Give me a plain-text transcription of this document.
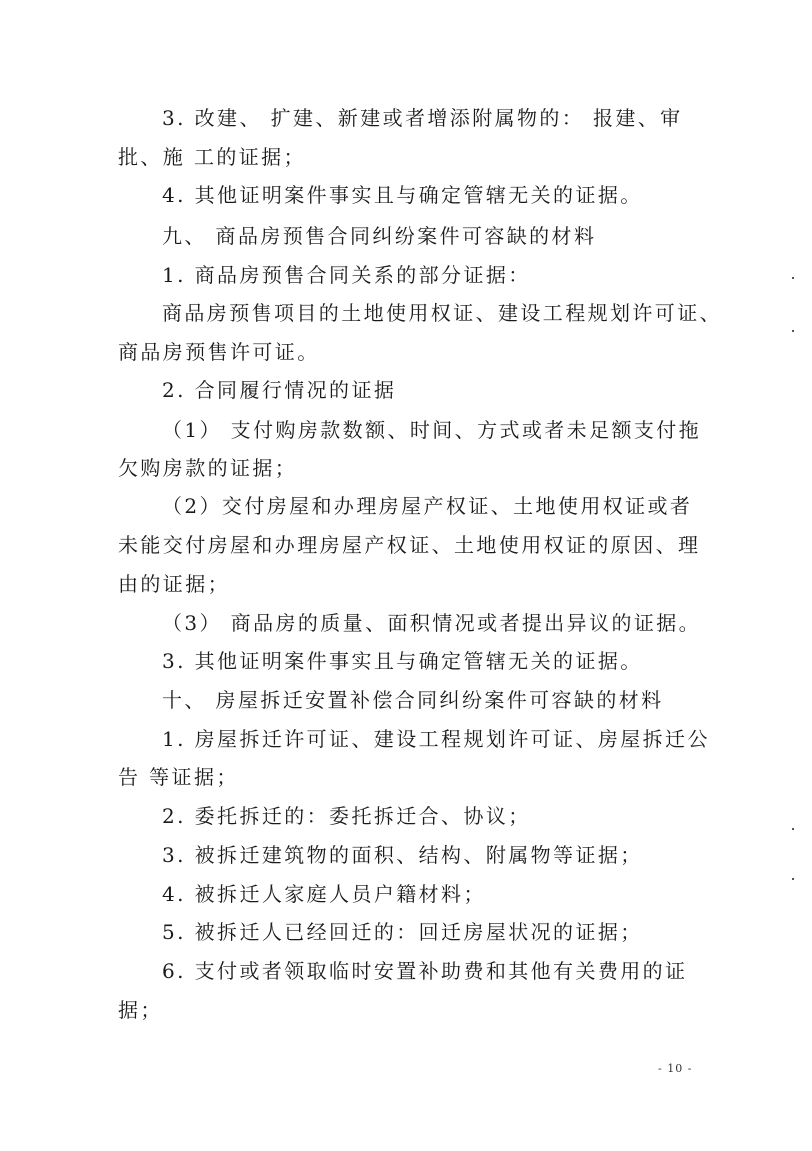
3. 改建、 扩建、新建或者增添附属物的： 报建、审
批、施 工的证据；
4. 其他证明案件事实且与确定管辖无关的证据。
九、 商品房预售合同纠纷案件可容缺的材料
1. 商品房预售合同关系的部分证据：
商品房预售项目的土地使用权证、建设工程规划许可证、
商品房预售许可证。
2. 合同履行情况的证据
（1） 支付购房款数额、时间、方式或者未足额支付拖
欠购房款的证据；
（2）交付房屋和办理房屋产权证、土地使用权证或者
未能交付房屋和办理房屋产权证、土地使用权证的原因、理
由的证据；
（3） 商品房的质量、面积情况或者提出异议的证据。
3. 其他证明案件事实且与确定管辖无关的证据。
十、 房屋拆迁安置补偿合同纠纷案件可容缺的材料
1. 房屋拆迁许可证、建设工程规划许可证、房屋拆迁公
告 等证据；
2. 委托拆迁的：委托拆迁合、协议；
3. 被拆迁建筑物的面积、结构、附属物等证据；
4. 被拆迁人家庭人员户籍材料；
5. 被拆迁人已经回迁的：回迁房屋状况的证据；
6. 支付或者领取临时安置补助费和其他有关费用的证
据；
- 10 -
